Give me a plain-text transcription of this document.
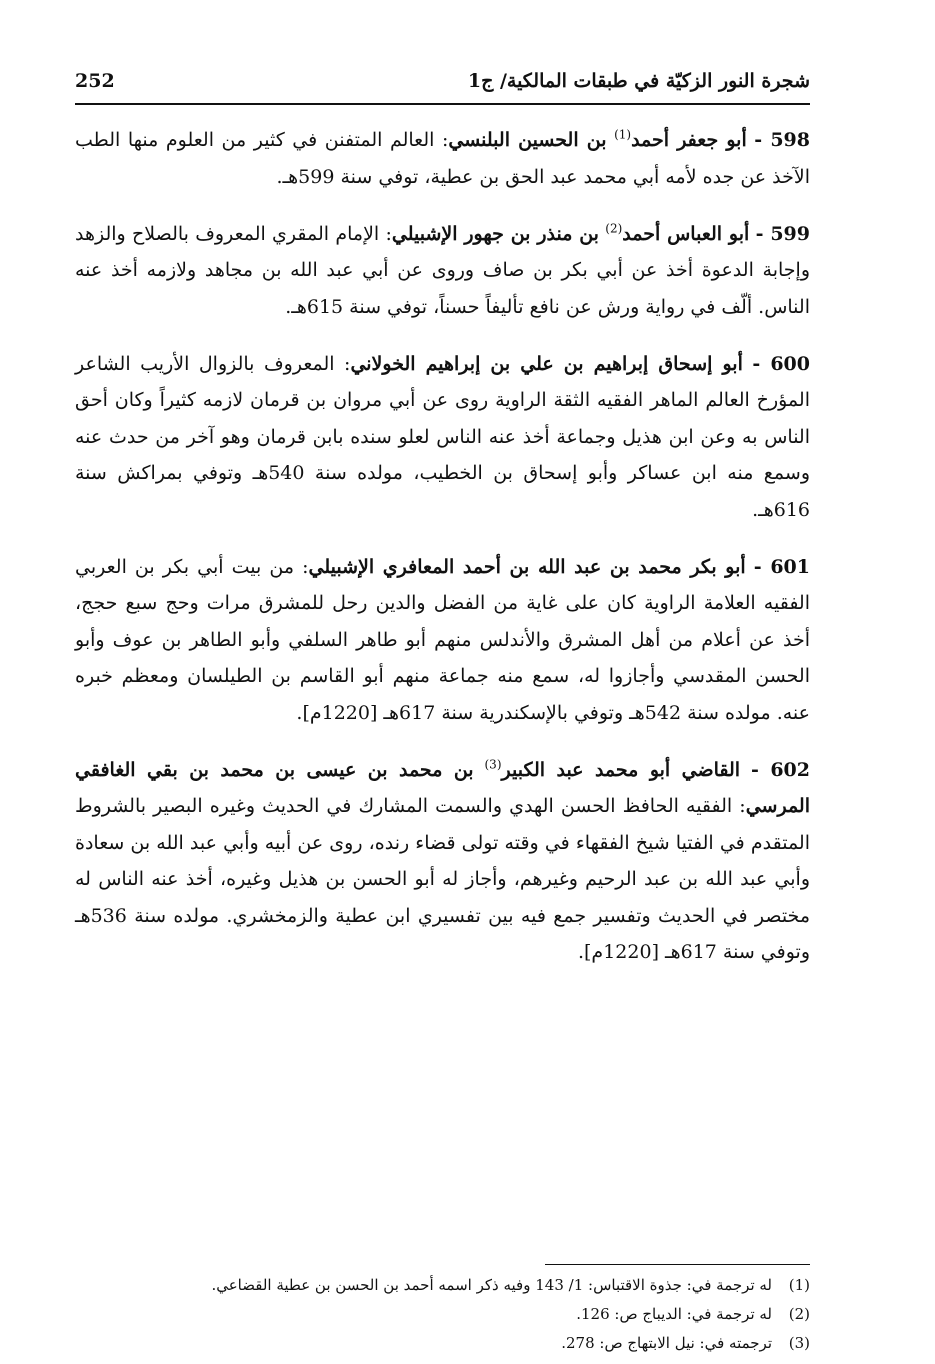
شجرة النور الزكيّة في طبقات المالكية/ ج1
252

598 - أبو جعفر أحمد$^{(1)}$ بن الحسين البلنسي: العالم المتفنن في كثير من العلوم منها الطب الآخذ عن جده لأمه أبي محمد عبد الحق بن عطية، توفي سنة 599هـ.

599 - أبو العباس أحمد$^{(2)}$ بن منذر بن جهور الإشبيلي: الإمام المقري المعروف بالصلاح والزهد وإجابة الدعوة أخذ عن أبي بكر بن صاف وروى عن أبي عبد الله بن مجاهد ولازمه أخذ عنه الناس. ألّف في رواية ورش عن نافع تأليفاً حسناً، توفي سنة 615هـ.

600 - أبو إسحاق إبراهيم بن علي بن إبراهيم الخولاني: المعروف بالزوال الأريب الشاعر المؤرخ العالم الماهر الفقيه الثقة الراوية روى عن أبي مروان بن قرمان لازمه كثيراً وكان أحق الناس به وعن ابن هذيل وجماعة أخذ عنه الناس لعلو سنده بابن قرمان وهو آخر من حدث عنه وسمع منه ابن عساكر وأبو إسحاق بن الخطيب، مولده سنة 540هـ وتوفي بمراكش سنة 616هـ.

601 - أبو بكر محمد بن عبد الله بن أحمد المعافري الإشبيلي: من بيت أبي بكر بن العربي الفقيه العلامة الراوية كان على غاية من الفضل والدين رحل للمشرق مرات وحج سبع حجج، أخذ عن أعلام من أهل المشرق والأندلس منهم أبو طاهر السلفي وأبو الطاهر بن عوف وأبو الحسن المقدسي وأجازوا له، سمع منه جماعة منهم أبو القاسم بن الطيلسان ومعظم خبره عنه. مولده سنة 542هـ وتوفي بالإسكندرية سنة 617هـ [1220م].

602 - القاضي أبو محمد عبد الكبير$^{(3)}$ بن محمد بن عيسى بن محمد بن بقي الغافقي المرسي: الفقيه الحافظ الحسن الهدي والسمت المشارك في الحديث وغيره البصير بالشروط المتقدم في الفتيا شيخ الفقهاء في وقته تولى قضاء رنده، روى عن أبيه وأبي عبد الله بن سعادة وأبي عبد الله بن عبد الرحيم وغيرهم، وأجاز له أبو الحسن بن هذيل وغيره، أخذ عنه الناس له مختصر في الحديث وتفسير جمع فيه بين تفسيري ابن عطية والزمخشري. مولده سنة 536هـ وتوفي سنة 617هـ [1220م].

(1)له ترجمة في: جذوة الاقتباس: 1/ 143 وفيه ذكر اسمه أحمد بن الحسن بن عطية القضاعي.
(2)له ترجمة في: الديباج ص: 126.
(3)ترجمته في: نيل الابتهاج ص: 278.
